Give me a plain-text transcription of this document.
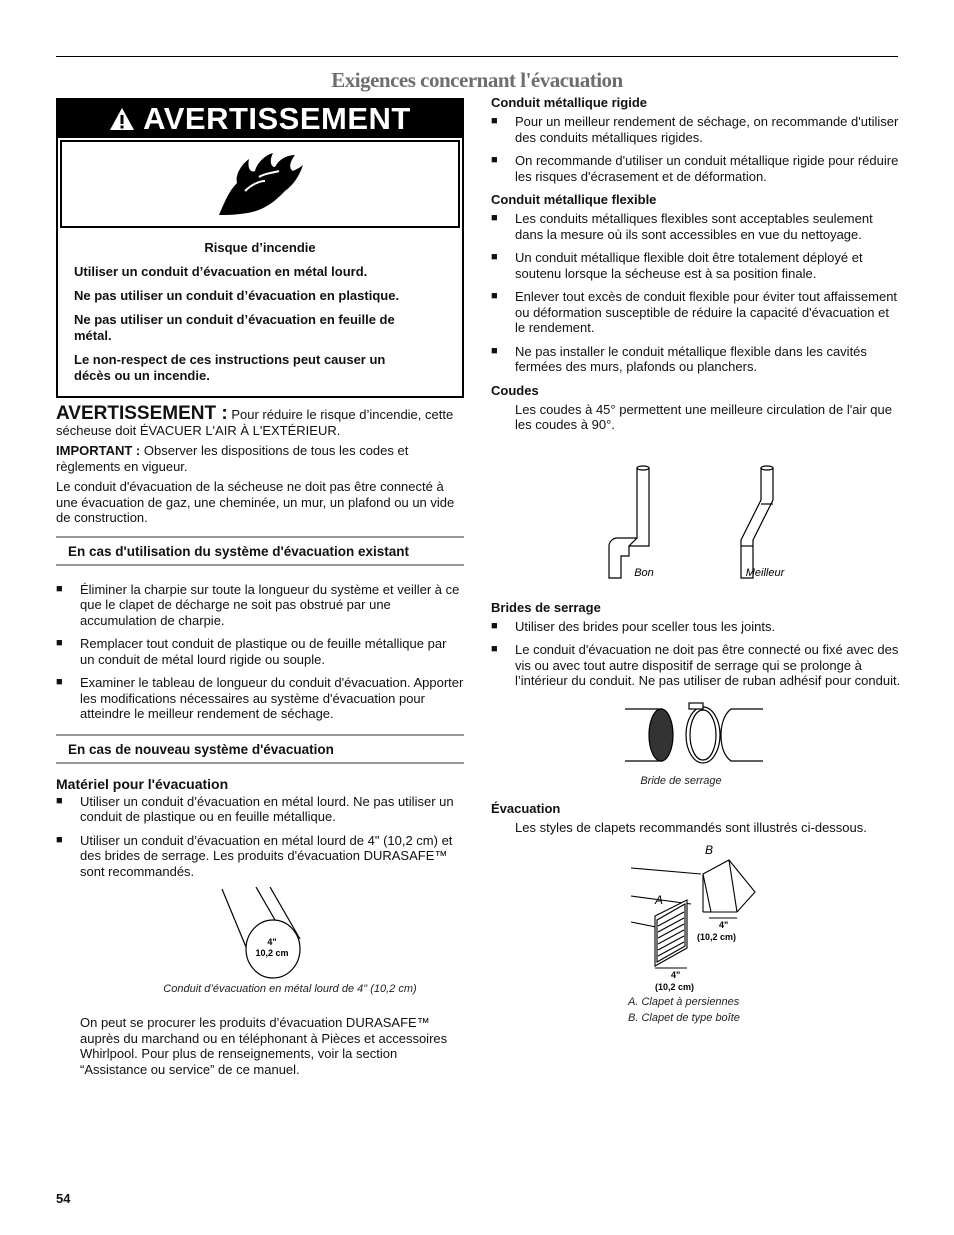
Exigences concernant l'évacuation
AVERTISSEMENT
Risque d’incendie

Utiliser un conduit d’évacuation en métal lourd.

Ne pas utiliser un conduit d’évacuation en plastique.

Ne pas utiliser un conduit d’évacuation en feuille de métal.

Le non-respect de ces instructions peut causer un décès ou un incendie.

AVERTISSEMENT : Pour réduire le risque d’incendie, cette sécheuse doit ÉVACUER L'AIR À L'EXTÉRIEUR.
IMPORTANT : Observer les dispositions de tous les codes et règlements en vigueur.
Le conduit d'évacuation de la sécheuse ne doit pas être connecté à une évacuation de gaz, une cheminée, un mur, un plafond ou un vide de construction.
En cas d'utilisation du système d'évacuation existant
■ Éliminer la charpie sur toute la longueur du système et veiller à ce que le clapet de décharge ne soit pas obstrué par une accumulation de charpie.
■ Remplacer tout conduit de plastique ou de feuille métallique par un conduit de métal lourd rigide ou souple.
■ Examiner le tableau de longueur du conduit d'évacuation. Apporter les modifications nécessaires au système d'évacuation pour atteindre le meilleur rendement de séchage.
En cas de nouveau système d'évacuation
Matériel pour l'évacuation
■ Utiliser un conduit d’évacuation en métal lourd. Ne pas utiliser un conduit de plastique ou en feuille métallique.
■ Utiliser un conduit d’évacuation en métal lourd de 4" (10,2 cm) et des brides de serrage. Les produits d'évacuation DURASAFE™ sont recommandés.
4"
10,2 cm
Conduit d’évacuation en métal lourd de 4" (10,2 cm)
On peut se procurer les produits d’évacuation DURASAFE™ auprès du marchand ou en téléphonant à Pièces et accessoires Whirlpool. Pour plus de renseignements, voir la section “Assistance ou service” de ce manuel.
Conduit métallique rigide
■ Pour un meilleur rendement de séchage, on recommande d'utiliser des conduits métalliques rigides.
■ On recommande d'utiliser un conduit métallique rigide pour réduire les risques d'écrasement et de déformation.
Conduit métallique flexible
■ Les conduits métalliques flexibles sont acceptables seulement dans la mesure où ils sont accessibles en vue du nettoyage.
■ Un conduit métallique flexible doit être totalement déployé et soutenu lorsque la sécheuse est à sa position finale.
■ Enlever tout excès de conduit flexible pour éviter tout affaissement ou déformation susceptible de réduire la capacité d'évacuation et le rendement.
■ Ne pas installer le conduit métallique flexible dans les cavités fermées des murs, plafonds ou planchers.
Coudes
Les coudes à 45° permettent une meilleure circulation de l'air que les coudes à 90°.
Bon	Meilleur
Brides de serrage
■ Utiliser des brides pour sceller tous les joints.
■ Le conduit d'évacuation ne doit pas être connecté ou fixé avec des vis ou avec tout autre dispositif de serrage qui se prolonge à l’intérieur du conduit. Ne pas utiliser de ruban adhésif pour conduit.
Bride de serrage
Évacuation
Les styles de clapets recommandés sont illustrés ci-dessous.
B
A
4"
(10,2 cm)
4"
(10,2 cm)
A. Clapet à persiennes
B. Clapet de type boîte
54
